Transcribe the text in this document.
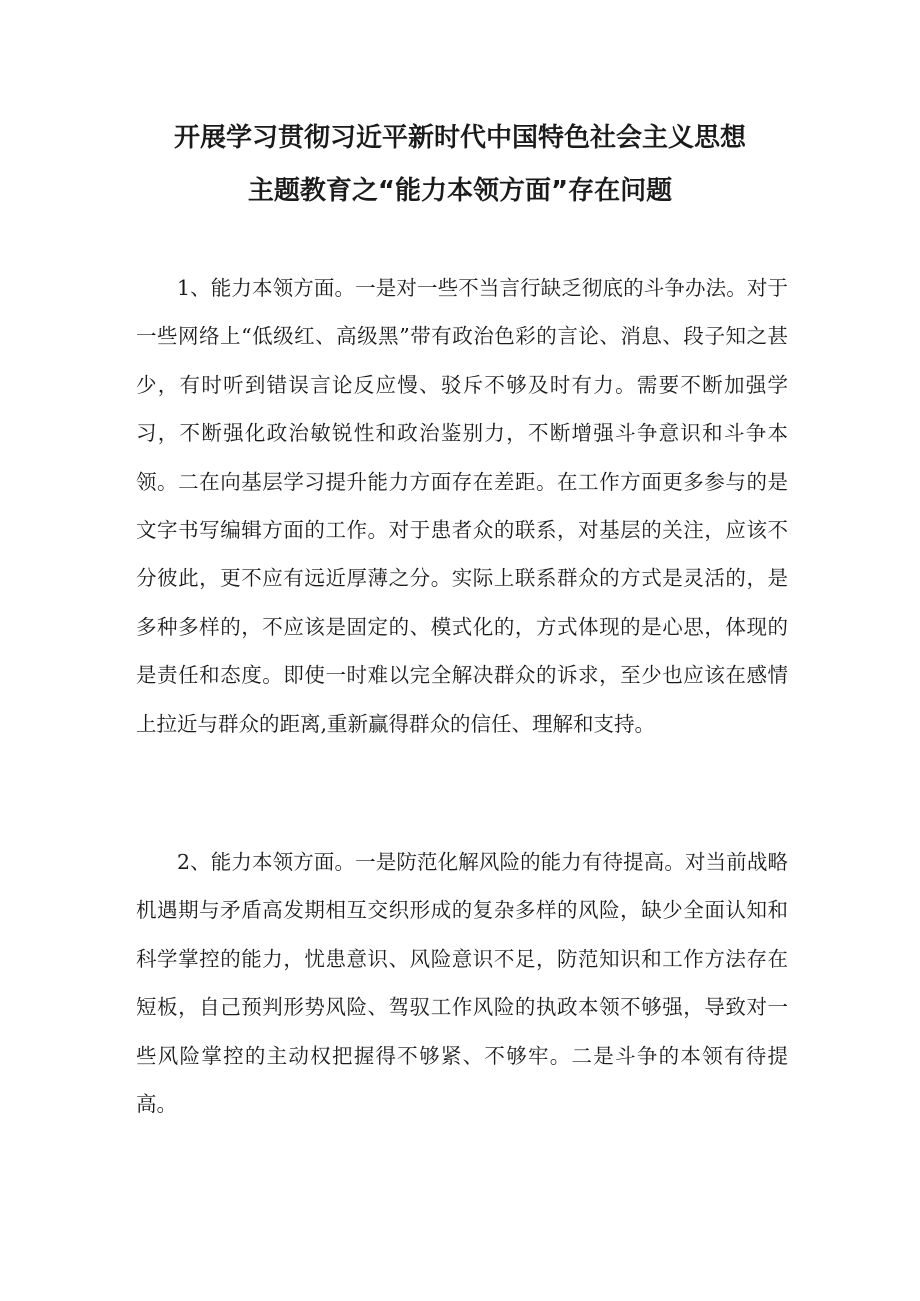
开展学习贯彻习近平新时代中国特色社会主义思想
主题教育之“能力本领方面”存在问题

1、能力本领方面。一是对一些不当言行缺乏彻底的斗争办法。对于一些网络上“低级红、高级黑”带有政治色彩的言论、消息、段子知之甚少，有时听到错误言论反应慢、驳斥不够及时有力。需要不断加强学习，不断强化政治敏锐性和政治鉴别力，不断增强斗争意识和斗争本领。二在向基层学习提升能力方面存在差距。在工作方面更多参与的是文字书写编辑方面的工作。对于患者众的联系，对基层的关注，应该不分彼此，更不应有远近厚薄之分。实际上联系群众的方式是灵活的，是多种多样的，不应该是固定的、模式化的，方式体现的是心思，体现的是责任和态度。即使一时难以完全解决群众的诉求，至少也应该在感情上拉近与群众的距离,重新赢得群众的信任、理解和支持。

2、能力本领方面。一是防范化解风险的能力有待提高。对当前战略机遇期与矛盾高发期相互交织形成的复杂多样的风险，缺少全面认知和科学掌控的能力，忧患意识、风险意识不足，防范知识和工作方法存在短板，自己预判形势风险、驾驭工作风险的执政本领不够强，导致对一些风险掌控的主动权把握得不够紧、不够牢。二是斗争的本领有待提高。
